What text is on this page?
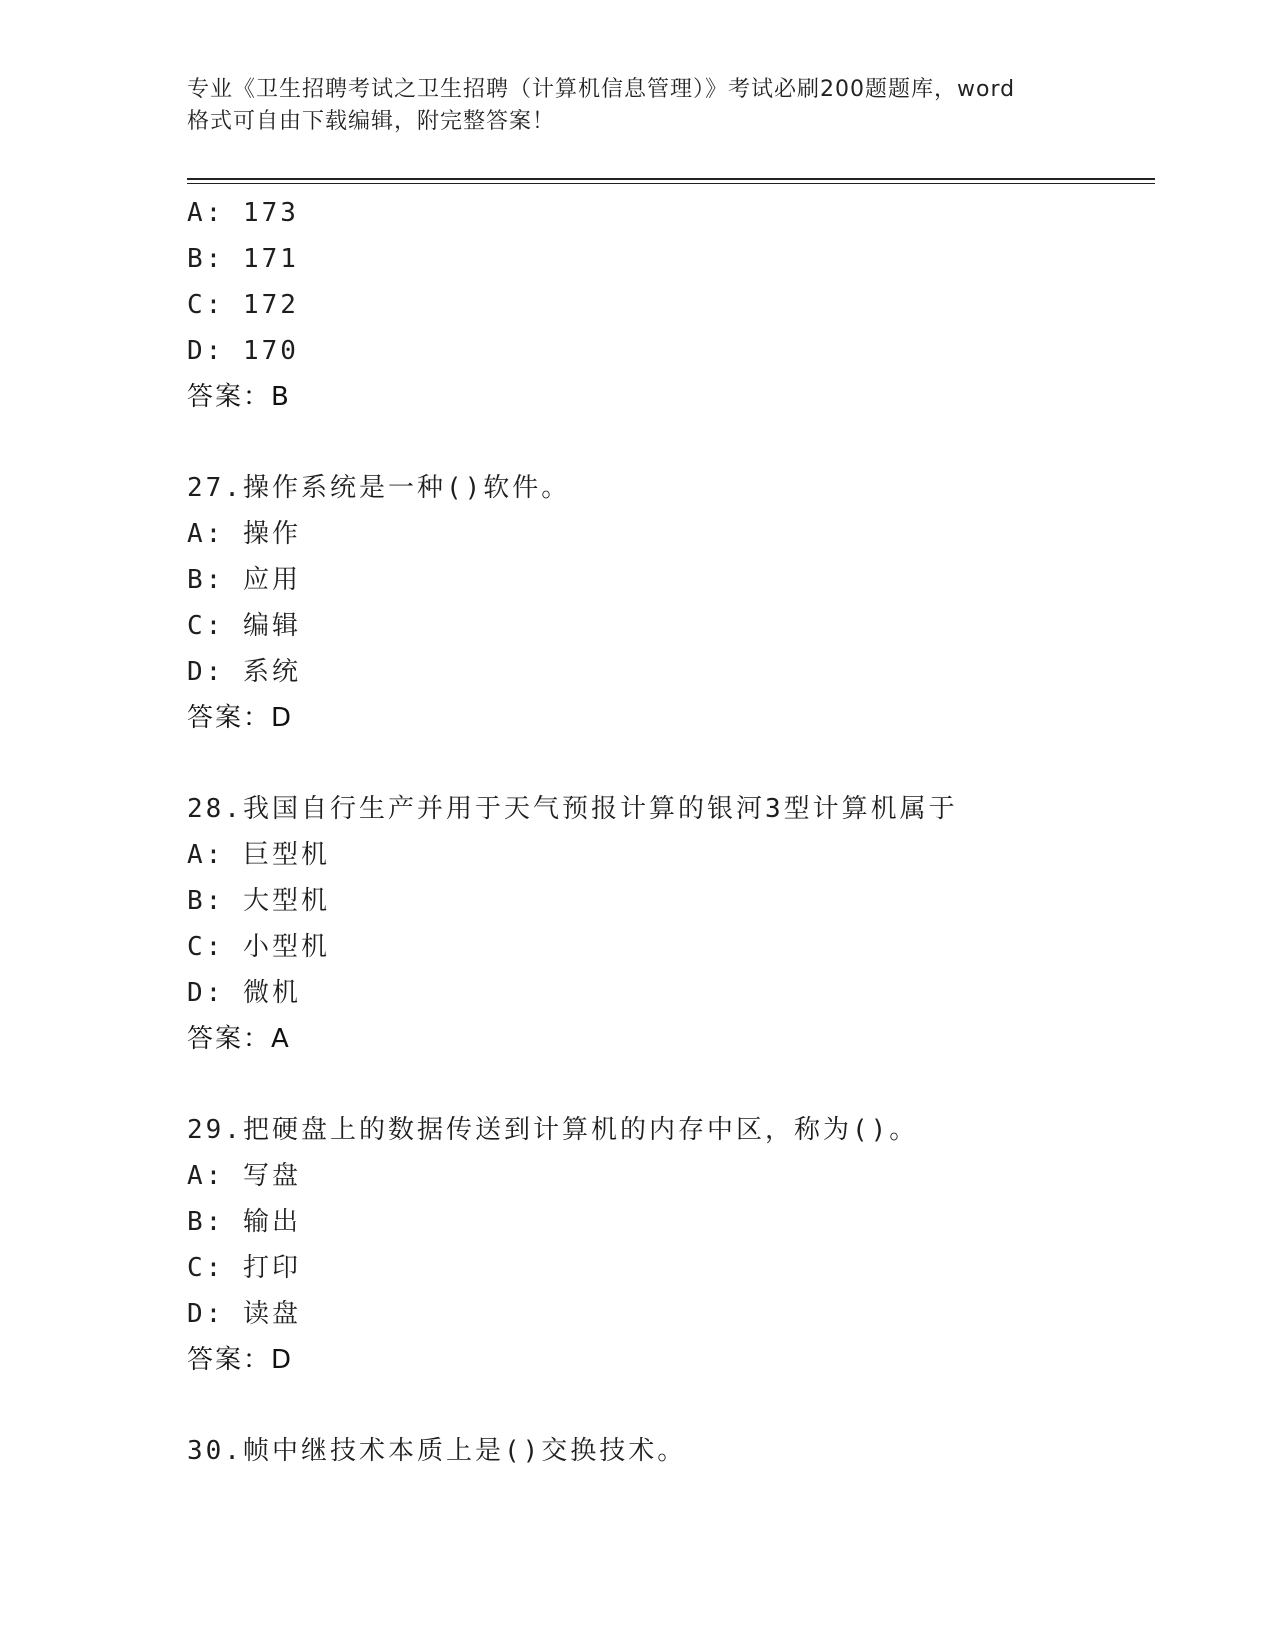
专业《卫生招聘考试之卫生招聘（计算机信息管理）》考试必刷200题题库，word
格式可自由下载编辑，附完整答案！
A: 173
B: 171
C: 172
D: 170
答案：B
27.操作系统是一种()软件。
A: 操作
B: 应用
C: 编辑
D: 系统
答案：D
28.我国自行生产并用于天气预报计算的银河3型计算机属于
A: 巨型机
B: 大型机
C: 小型机
D: 微机
答案：A
29.把硬盘上的数据传送到计算机的内存中区，称为()。
A: 写盘
B: 输出
C: 打印
D: 读盘
答案：D
30.帧中继技术本质上是()交换技术。
